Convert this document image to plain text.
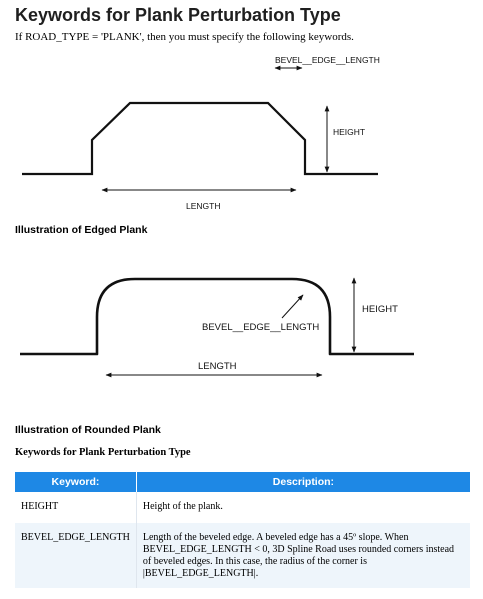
Keywords for Plank Perturbation Type
If ROAD_TYPE = 'PLANK', then you must specify the following keywords.
BEVEL__EDGE__LENGTH
HEIGHT
LENGTH
Illustration of Edged Plank
BEVEL__EDGE__LENGTH
HEIGHT
LENGTH
Illustration of Rounded Plank
Keywords for Plank Perturbation Type
Keyword:	Description:
HEIGHT	Height of the plank.
BEVEL_EDGE_LENGTH	Length of the beveled edge. A beveled edge has a 45º slope. When BEVEL_EDGE_LENGTH < 0, 3D Spline Road uses rounded corners instead of beveled edges. In this case, the radius of the corner is |BEVEL_EDGE_LENGTH|.
